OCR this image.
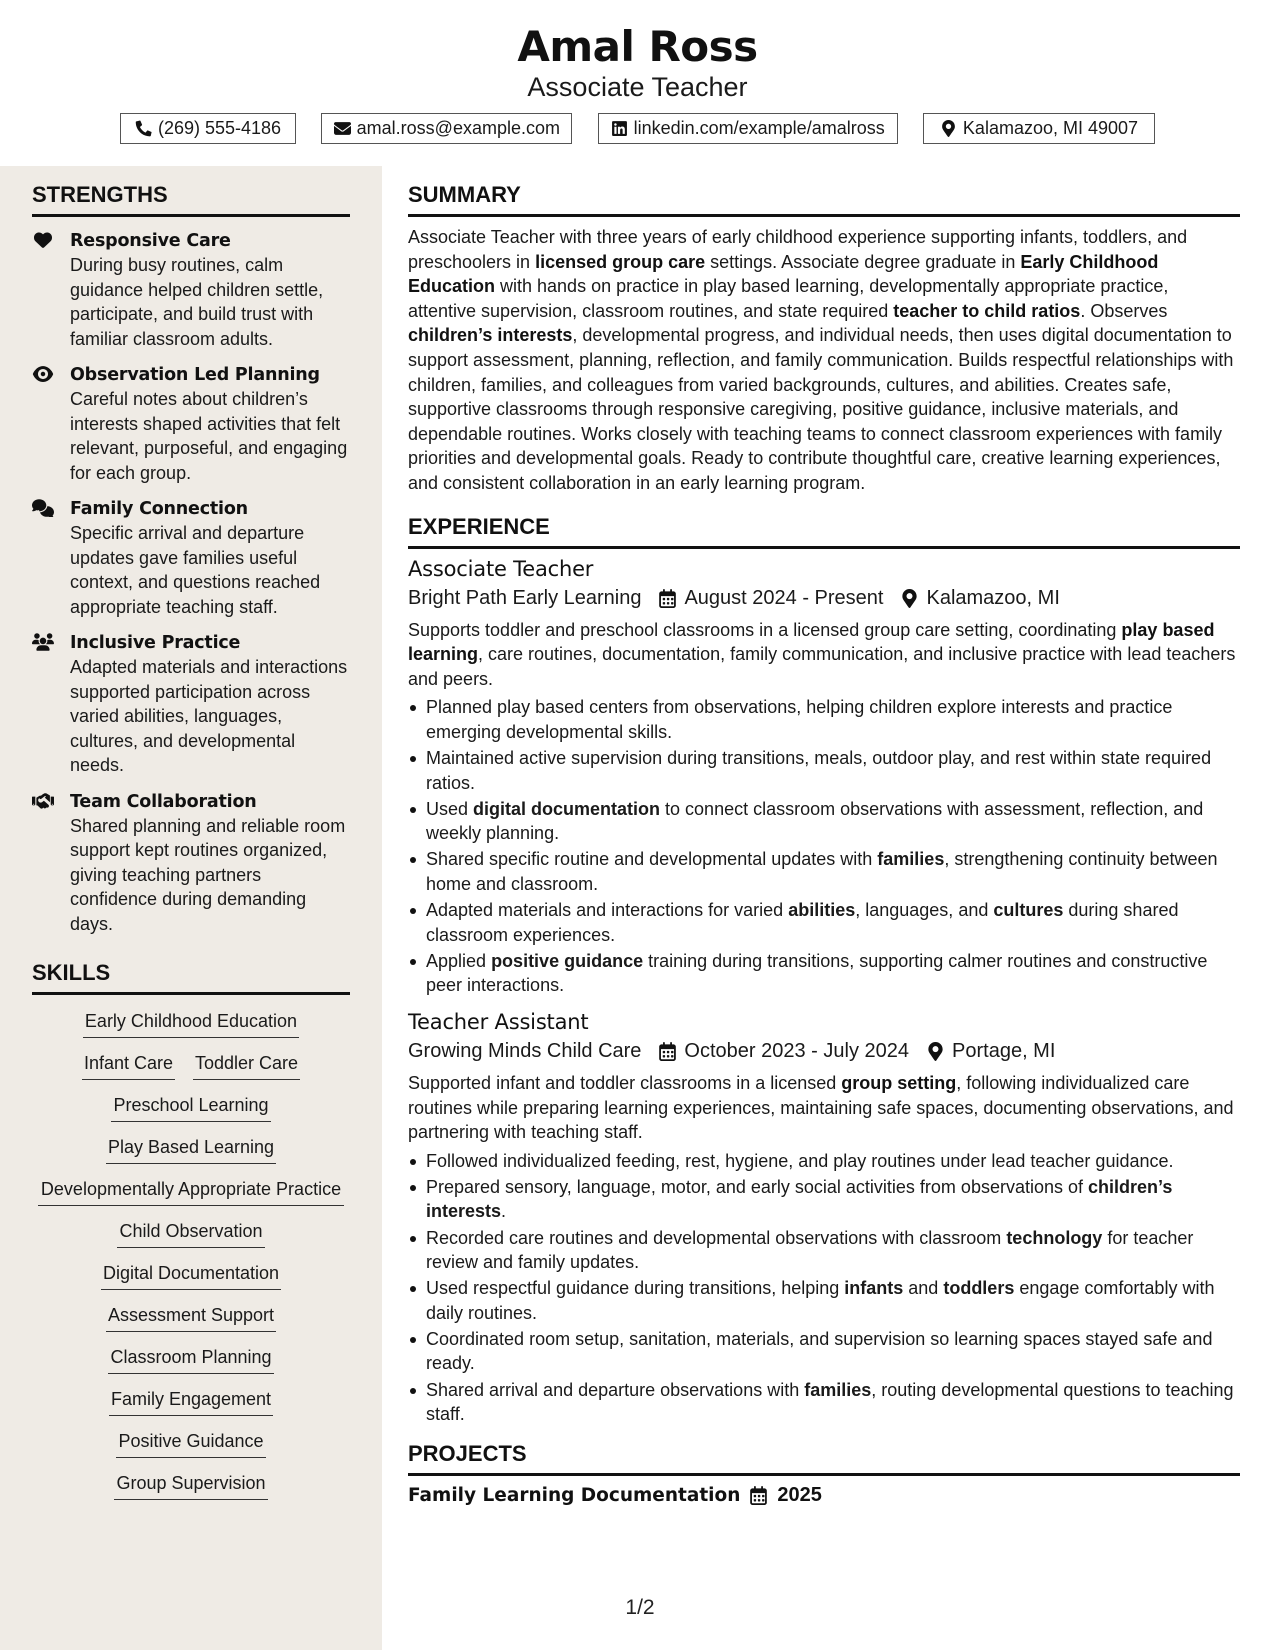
Amal Ross
Associate Teacher
(269) 555-4186	amal.ross@example.com	linkedin.com/example/amalross	Kalamazoo, MI 49007
STRENGTHS
Responsive Care
During busy routines, calm guidance helped children settle, participate, and build trust with familiar classroom adults.
Observation Led Planning
Careful notes about children’s interests shaped activities that felt relevant, purposeful, and engaging for each group.
Family Connection
Specific arrival and departure updates gave families useful context, and questions reached appropriate teaching staff.
Inclusive Practice
Adapted materials and interactions supported participation across varied abilities, languages, cultures, and developmental needs.
Team Collaboration
Shared planning and reliable room support kept routines organized, giving teaching partners confidence during demanding days.
SKILLS
Early Childhood Education
Infant Care Toddler Care
Preschool Learning
Play Based Learning
Developmentally Appropriate Practice
Child Observation
Digital Documentation
Assessment Support
Classroom Planning
Family Engagement
Positive Guidance
Group Supervision
SUMMARY

Associate Teacher with three years of early childhood experience supporting infants, toddlers, and preschoolers in licensed group care settings. Associate degree graduate in Early Childhood Education with hands on practice in play based learning, developmentally appropriate practice, attentive supervision, classroom routines, and state required teacher to child ratios. Observes children’s interests, developmental progress, and individual needs, then uses digital documentation to support assessment, planning, reflection, and family communication. Builds respectful relationships with children, families, and colleagues from varied backgrounds, cultures, and abilities. Creates safe, supportive classrooms through responsive caregiving, positive guidance, inclusive materials, and dependable routines. Works closely with teaching teams to connect classroom experiences with family priorities and developmental goals. Ready to contribute thoughtful care, creative learning experiences, and consistent collaboration in an early learning program.

EXPERIENCE
Associate Teacher
Bright Path Early Learning August 2024 - Present Kalamazoo, MI

Supports toddler and preschool classrooms in a licensed group care setting, coordinating play based learning, care routines, documentation, family communication, and inclusive practice with lead teachers and peers.

Planned play based centers from observations, helping children explore interests and practice emerging developmental skills.
Maintained active supervision during transitions, meals, outdoor play, and rest within state required ratios.
Used digital documentation to connect classroom observations with assessment, reflection, and weekly planning.
Shared specific routine and developmental updates with families, strengthening continuity between home and classroom.
Adapted materials and interactions for varied abilities, languages, and cultures during shared classroom experiences.
Applied positive guidance training during transitions, supporting calmer routines and constructive peer interactions.
Teacher Assistant
Growing Minds Child Care October 2023 - July 2024 Portage, MI

Supported infant and toddler classrooms in a licensed group setting, following individualized care routines while preparing learning experiences, maintaining safe spaces, documenting observations, and partnering with teaching staff.

Followed individualized feeding, rest, hygiene, and play routines under lead teacher guidance.
Prepared sensory, language, motor, and early social activities from observations of children’s interests.
Recorded care routines and developmental observations with classroom technology for teacher review and family updates.
Used respectful guidance during transitions, helping infants and toddlers engage comfortably with daily routines.
Coordinated room setup, sanitation, materials, and supervision so learning spaces stayed safe and ready.
Shared arrival and departure observations with families, routing developmental questions to teaching staff.
PROJECTS
Family Learning Documentation 2025
1/2
